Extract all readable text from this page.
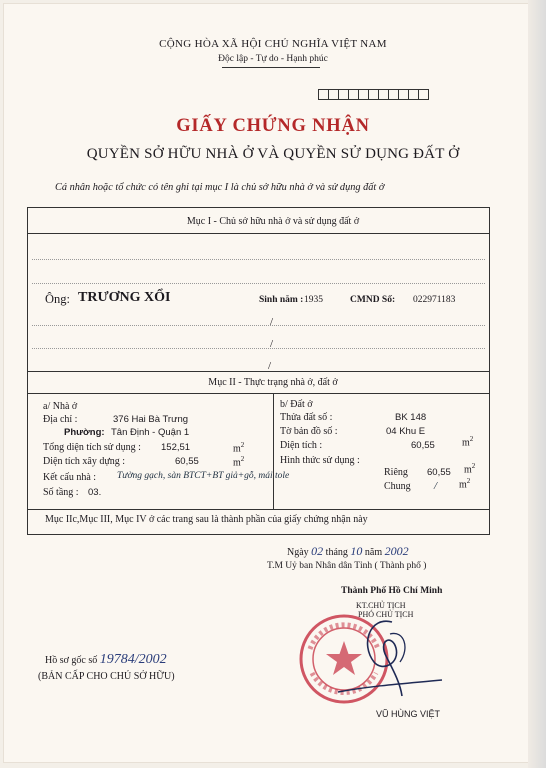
CỘNG HÒA XÃ HỘI CHỦ NGHĨA VIỆT NAM
Độc lập - Tự do - Hạnh phúc
GIẤY CHỨNG NHẬN
QUYỀN SỞ HỮU NHÀ Ở VÀ QUYỀN SỬ DỤNG ĐẤT Ở
Cá nhân hoặc tổ chức có tên ghi tại mục I là chủ sở hữu nhà ở và sử dụng đất ở
Mục I - Chủ sở hữu nhà ở và sử dụng đất ở
Ông: TRƯƠNG XỔI	Sinh năm : 1935	CMND Số: 022971183
/
/
/
Mục II - Thực trạng nhà ở, đất ở
a/ Nhà ở
Địa chỉ :	376 Hai Bà Trưng
Phường: Tân Định - Quận 1
Tổng diện tích sử dụng : 152,51	$m^2$
Diện tích xây dựng :	60,55	$m^2$
Kết cấu nhà : Tường gạch, sàn BTCT+BT giả+gỗ, mái tole
Số tầng : 03.
b/ Đất ở
Thửa đất số :	BK 148
Tờ bản đồ số :	04 Khu E
Diện tích :	60,55	$m^2$
Hình thức sử dụng :
Riêng 60,55 $m^2$
Chung / $m^2$
Mục IIc,Mục III, Mục IV ở các trang sau là thành phần của giấy chứng nhận này
Ngày 02 tháng 10 năm 2002
T.M Uỷ ban Nhân dân Tỉnh ( Thành phố )
Thành Phố Hồ Chí Minh
KT.CHỦ TỊCH
PHÓ CHỦ TỊCH
VŨ HÙNG VIỆT
Hồ sơ gốc số 19784/2002
(BẢN CẤP CHO CHỦ SỞ HỮU)
